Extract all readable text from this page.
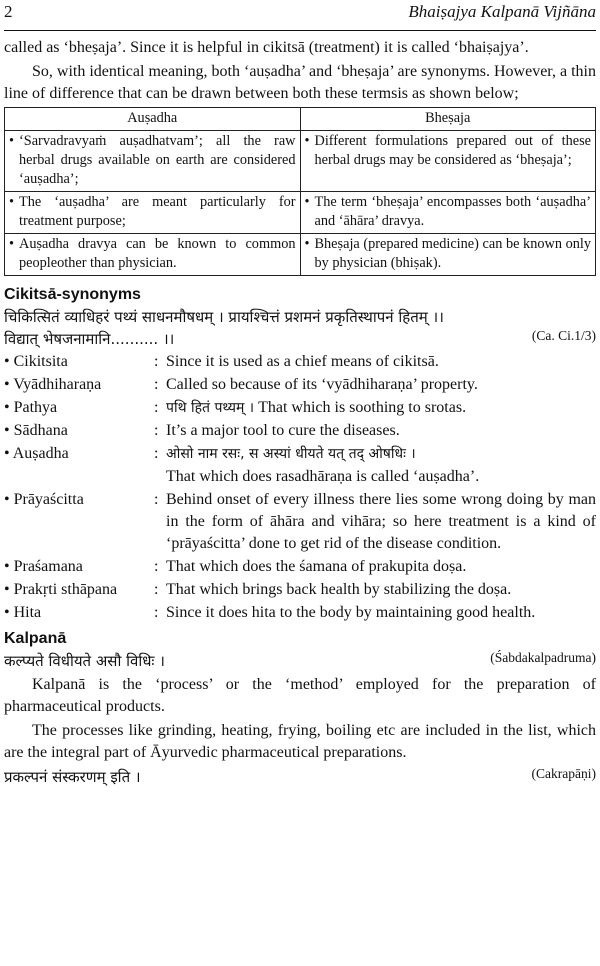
2	Bhaiṣajya Kalpanā Vijñāna

called as ‘bheṣaja’. Since it is helpful in cikitsā (treatment) it is called ‘bhaiṣajya’.

So, with identical meaning, both ‘auṣadha’ and ‘bheṣaja’ are synonyms. However, a thin line of difference that can be drawn between both these termsis as shown below;

Auṣadha	Bheṣaja

• ‘Sarvadravyaṁ auṣadhatvam’; all the raw herbal drugs available on earth are considered ‘auṣadha’;	• Different formulations prepared out of these herbal drugs may be considered as ‘bheṣaja’;

• The ‘auṣadha’ are meant particularly for treatment purpose;	• The term ‘bheṣaja’ encompasses both ‘auṣadha’ and ‘āhāra’ dravya.

• Auṣadha dravya can be known to common peopleother than physician.	• Bheṣaja (prepared medicine) can be known only by physician (bhiṣak).
Cikitsā-synonyms
चिकित्सितं व्याधिहरं पथ्यं साधनमौषधम् । प्रायश्चित्तं प्रशमनं प्रकृतिस्थापनं हितम् ।।
(Ca. Ci.1/3)
विद्यात् भेषजनामानि.......... ।।
• Cikitsita	: Since it is used as a chief means of cikitsā.
• Vyādhiharaṇa	: Called so because of its ‘vyādhiharaṇa’ property.
• Pathya	: पथि हितं पथ्यम् । That which is soothing to srotas.
• Sādhana	: It’s a major tool to cure the diseases.
• Auṣadha	: ओसो नाम रसः, स अस्यां धीयते यत् तद् ओषधिः ।
That which does rasadhāraṇa is called ‘auṣadha’.
• Prāyaścitta	: Behind onset of every illness there lies some wrong doing by man in the form of āhāra and vihāra; so here treatment is a kind of ‘prāyaścitta’ done to get rid of the disease condition.
• Praśamana	: That which does the śamana of prakupita doṣa.
• Prakṛti sthāpana	: That which brings back health by stabilizing the doṣa.
• Hita	: Since it does hita to the body by maintaining good health.
Kalpanā
(Śabdakalpadruma)
कल्प्यते विधीयते असौ विधिः ।

Kalpanā is the ‘process’ or the ‘method’ employed for the preparation of pharmaceutical products.

The processes like grinding, heating, frying, boiling etc are included in the list, which are the integral part of Āyurvedic pharmaceutical preparations.

(Cakrapāṇi)
प्रकल्पनं संस्करणम् इति ।
